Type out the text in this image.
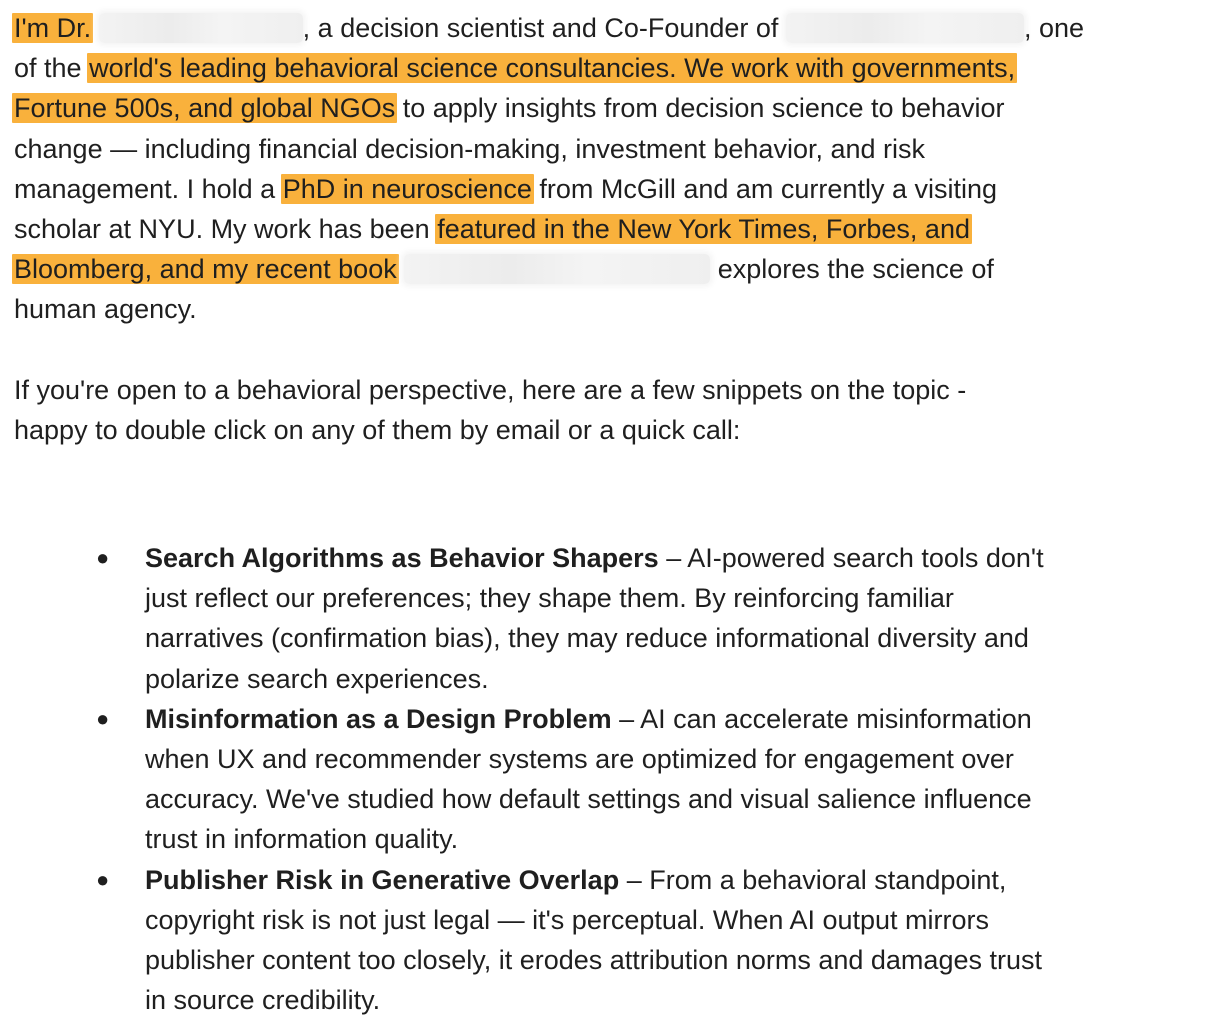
I'm Dr.	, a decision scientist and Co-Founder of	, one
of the world's leading behavioral science consultancies. We work with governments,
Fortune 500s, and global NGOs to apply insights from decision science to behavior
change — including financial decision-making, investment behavior, and risk
management. I hold a PhD in neuroscience from McGill and am currently a visiting
scholar at NYU. My work has been featured in the New York Times, Forbes, and
Bloomberg, and my recent book	explores the science of
human agency.

If you're open to a behavioral perspective, here are a few snippets on the topic -
happy to double click on any of them by email or a quick call:

● Search Algorithms as Behavior Shapers – AI-powered search tools don't
just reflect our preferences; they shape them. By reinforcing familiar
narratives (confirmation bias), they may reduce informational diversity and
polarize search experiences.
● Misinformation as a Design Problem – AI can accelerate misinformation
when UX and recommender systems are optimized for engagement over
accuracy. We've studied how default settings and visual salience influence
trust in information quality.
● Publisher Risk in Generative Overlap – From a behavioral standpoint,
copyright risk is not just legal — it's perceptual. When AI output mirrors
publisher content too closely, it erodes attribution norms and damages trust
in source credibility.
